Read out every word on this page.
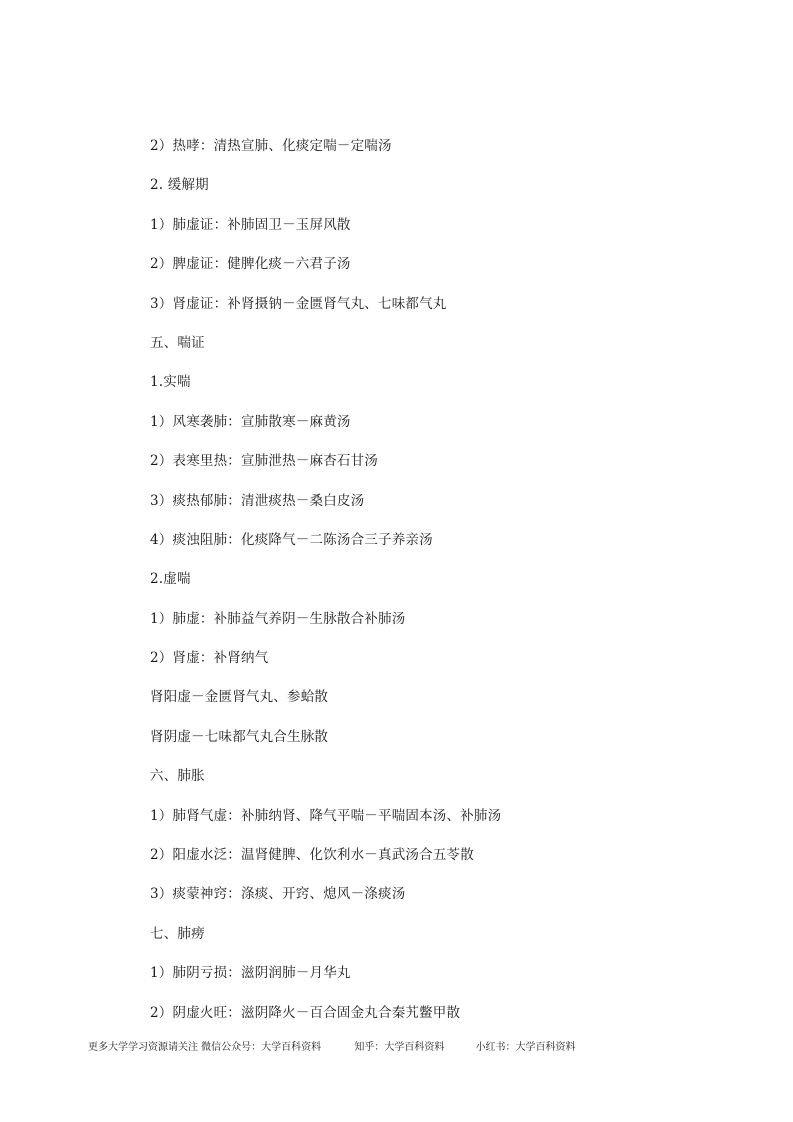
2）热哮：清热宣肺、化痰定喘－定喘汤
2. 缓解期
1）肺虚证：补肺固卫－玉屏风散
2）脾虚证：健脾化痰－六君子汤
3）肾虚证：补肾摄钠－金匮肾气丸、七味都气丸
五、喘证
1.实喘
1）风寒袭肺：宣肺散寒－麻黄汤
2）表寒里热：宣肺泄热－麻杏石甘汤
3）痰热郁肺：清泄痰热－桑白皮汤
4）痰浊阻肺：化痰降气－二陈汤合三子养亲汤
2.虚喘
1）肺虚：补肺益气养阴－生脉散合补肺汤
2）肾虚：补肾纳气
肾阳虚－金匮肾气丸、参蛤散
肾阴虚－七味都气丸合生脉散
六、肺胀
1）肺肾气虚：补肺纳肾、降气平喘－平喘固本汤、补肺汤
2）阳虚水泛：温肾健脾、化饮利水－真武汤合五苓散
3）痰蒙神窍：涤痰、开窍、熄风－涤痰汤
七、肺痨
1）肺阴亏损：滋阴润肺－月华丸
2）阴虚火旺：滋阴降火－百合固金丸合秦艽鳖甲散
更多大学学习资源请关注 微信公众号：大学百科资料	知乎：大学百科资料	小红书：大学百科资料
